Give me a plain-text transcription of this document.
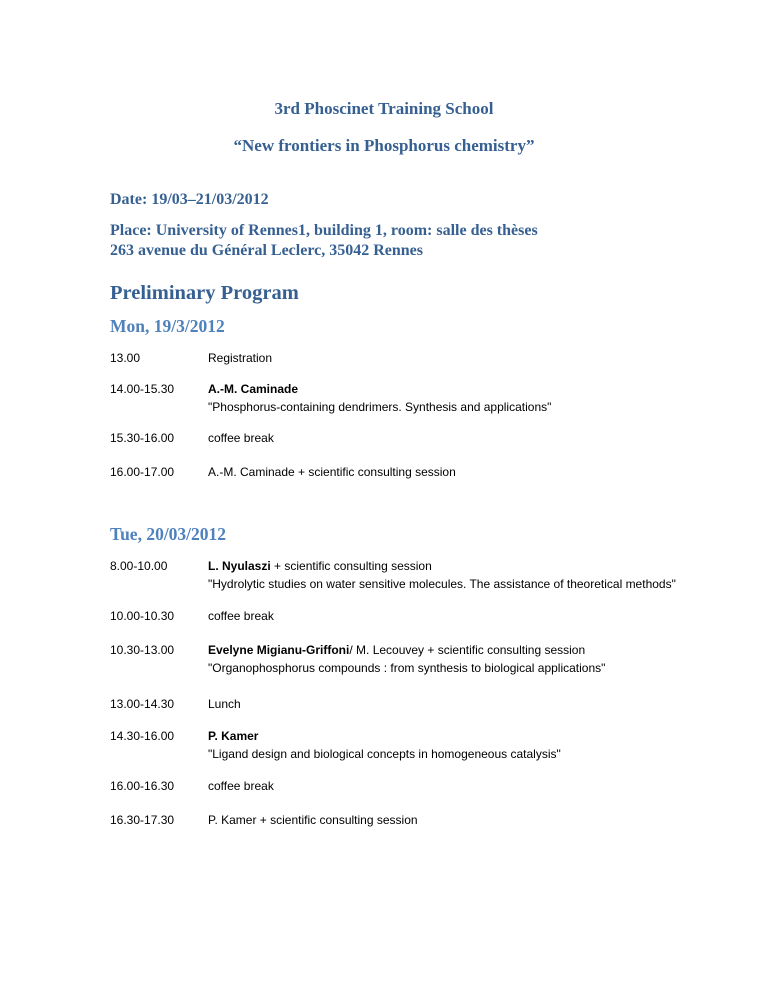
3rd Phoscinet Training School
“New frontiers in Phosphorus chemistry”
Date: 19/03–21/03/2012
Place: University of Rennes1, building 1, room: salle des thèses
263 avenue du Général Leclerc, 35042 Rennes
Preliminary Program
Mon, 19/3/2012
13.00	Registration
14.00-15.30	A.-M. Caminade
"Phosphorus-containing dendrimers. Synthesis and applications"
15.30-16.00	coffee break
16.00-17.00	A.-M. Caminade + scientific consulting session
Tue, 20/03/2012
8.00-10.00	L. Nyulaszi + scientific consulting session
"Hydrolytic studies on water sensitive molecules. The assistance of theoretical methods"
10.00-10.30	coffee break
10.30-13.00	Evelyne Migianu-Griffoni/ M. Lecouvey + scientific consulting session
"Organophosphorus compounds : from synthesis to biological applications"
13.00-14.30	Lunch
14.30-16.00	P. Kamer
"Ligand design and biological concepts in homogeneous catalysis"
16.00-16.30	coffee break
16.30-17.30	P. Kamer + scientific consulting session
